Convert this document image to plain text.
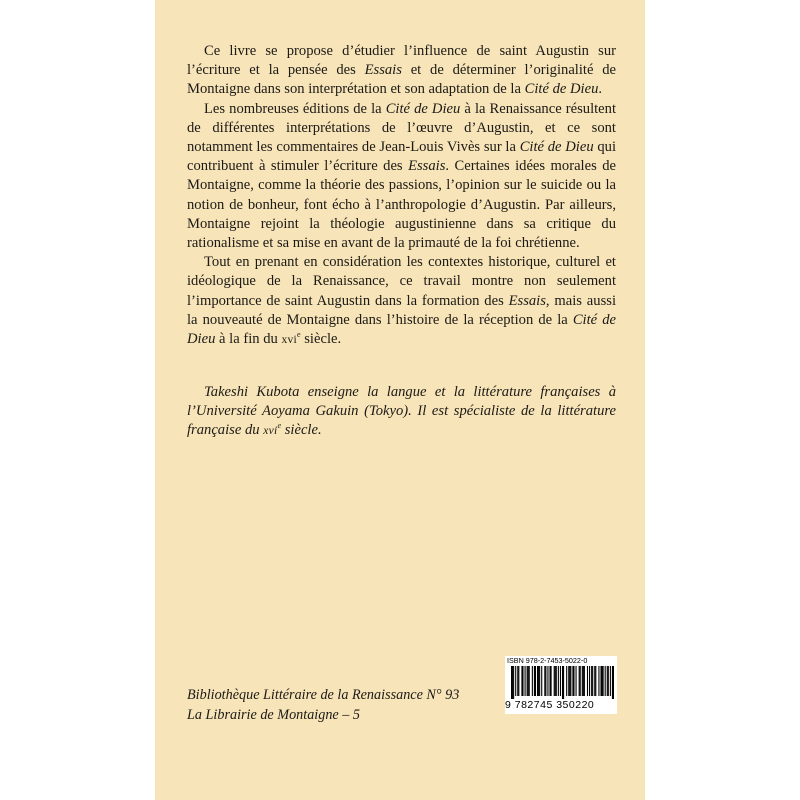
Ce livre se propose d’étudier l’influence de saint Augustin sur l’écriture et la pensée des Essais et de déterminer l’originalité de Montaigne dans son interprétation et son adaptation de la Cité de Dieu.

Les nombreuses éditions de la Cité de Dieu à la Renaissance résultent de différentes interprétations de l’œuvre d’Augustin, et ce sont notamment les commentaires de Jean-Louis Vivès sur la Cité de Dieu qui contribuent à stimuler l’écriture des Essais. Certaines idées morales de Montaigne, comme la théorie des passions, l’opinion sur le suicide ou la notion de bonheur, font écho à l’anthropologie d’Augustin. Par ailleurs, Montaigne rejoint la théologie augustinienne dans sa critique du rationalisme et sa mise en avant de la primauté de la foi chrétienne.

Tout en prenant en considération les contextes historique, culturel et idéologique de la Renaissance, ce travail montre non seulement l’importance de saint Augustin dans la formation des Essais, mais aussi la nouveauté de Montaigne dans l’histoire de la réception de la Cité de Dieu à la fin du xvi$^e$ siècle.

Takeshi Kubota enseigne la langue et la littérature françaises à l’Université Aoyama Gakuin (Tokyo). Il est spécialiste de la littérature française du xvi$^e$ siècle.

Bibliothèque Littéraire de la Renaissance N° 93
La Librairie de Montaigne – 5
ISBN 978-2-7453-5022-0
9 782745 350220
